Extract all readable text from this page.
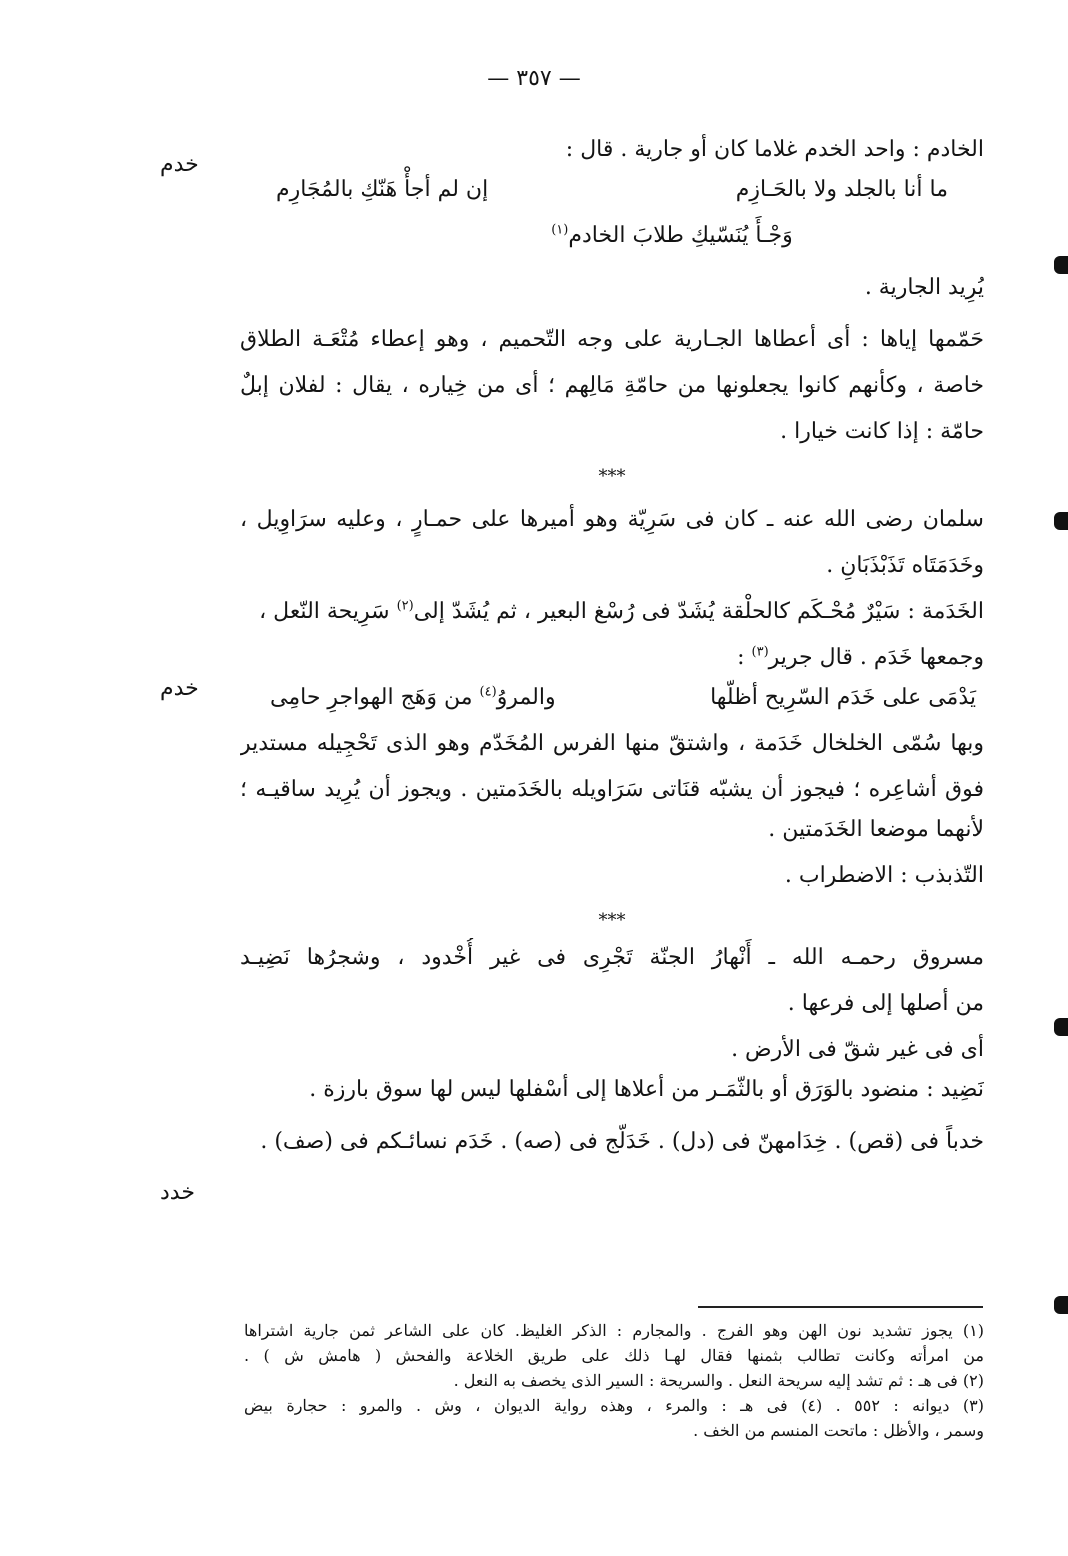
— ٣٥٧ —
خدم
خدم
خدد
الخادم : واحد الخدم غلاما كان أو جارية . قال :
ما أنا بالجلد ولا بالحَـازِم
إن لم أجأْ هَنّكِ بالمُجَارِم
وَجْـأً يُنَسّيكِ طلابَ الخادم$^{(١)}$
يُرِيد الجارية .
حَمّمها إياها : أى أعطاها الجـارية على وجه التّحميم ، وهو إعطاء مُتْعَـة الطلاق
خاصة ، وكأنهم كانوا يجعلونها من حامّةِ مَالِهم ؛ أى من خِياره ، يقال : لفلان إبلٌ
حامّة : إذا كانت خيارا .
***
سلمان رضى الله عنه ـ كان فى سَرِيّة وهو أميرها على حمـارٍ ، وعليه سرَاوِيل ،
وخَدَمَتَاه تَذَبْذَبَانِ .
الخَدَمة : سَيْرٌ مُحْـكَم كالحلْقة يُشَدّ فى رُسْغ البعير ، ثم يُشَدّ إلى$^{(٢)}$ سَرِيحة النّعل ،
وجمعها خَدَم . قال جرير$^{(٣)}$ :
يَدْمَى على خَدَم السّرِيح أظلّها
والمروُ$^{(٤)}$ من وَهَج الهواجرِ حامِى
وبها سُمّى الخلخال خَدَمة ، واشتقّ منها الفرس المُخَدّم وهو الذى تَحْجِيله مستدير
فوق أشاعِره ؛ فيجوز أن يشبّه قنَاتى سَرَاويله بالخَدَمتين . ويجوز أن يُرِيد ساقيـه ؛
لأنهما موضعا الخَدَمتين .
التّذبذب : الاضطراب .
***
مسروق رحمـه الله ـ أَنْهارُ الجنّة تَجْرِى فى غير أُخْدود ، وشجرُها نَضِيـد
من أصلها إلى فرعها .
أى فى غير شقّ فى الأرض .
نَضِيد : منضود بالوَرَق أو بالثّمَـر من أعلاها إلى أسْفلها ليس لها سوق بارزة .
خدباً فى (قص) . خِدَامهنّ فى (دل) . خَدَلّج فى (صه) . خَدَم نسائـكم فى (صف) .
(١) يجوز تشديد نون الهن وهو الفرج . والمجارم : الذكر الغليظ. كان على الشاعر ثمن جارية اشتراها
من امرأته وكانت تطالب بثمنها فقال لهـا ذلك على طريق الخلاعة والفحش ( هامش ش ) .
(٢) فى هـ : ثم تشد إليه سريحة النعل . والسريحة : السير الذى يخصف به النعل .
(٣) ديوانه : ٥٥٢ . (٤) فى هـ : والمرء ، وهذه رواية الديوان ، وش . والمرو : حجارة بيض
وسمر ، والأظل : ماتحت المنسم من الخف .
